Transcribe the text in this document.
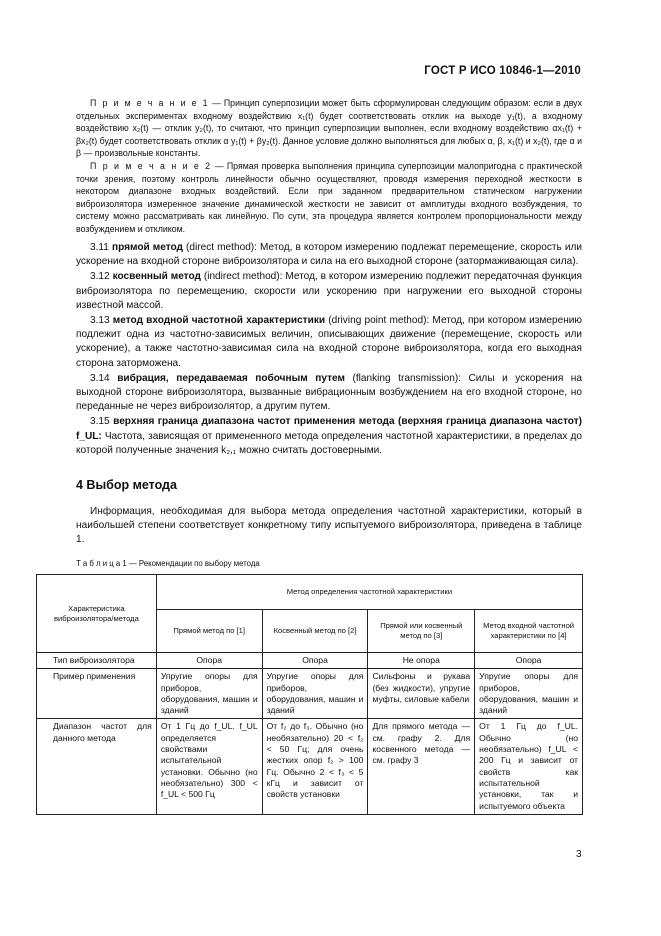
ГОСТ Р ИСО 10846-1—2010

П р и м е ч а н и е 1 — Принцип суперпозиции может быть сформулирован следующим образом: если в двух отдельных экспериментах входному воздействию x₁(t) будет соответствовать отклик на выходе y₁(t), а входному воздействию x₂(t) — отклик y₂(t), то считают, что принцип суперпозиции выполнен, если входному воздействию αx₁(t) + βx₂(t) будет соответствовать отклик α y₁(t) + βy₂(t). Данное условие должно выполняться для любых α, β, x₁(t) и x₂(t), где α и β — произвольные константы.

П р и м е ч а н и е 2 — Прямая проверка выполнения принципа суперпозиции малопригодна с практической точки зрения, поэтому контроль линейности обычно осуществляют, проводя измерения переходной жесткости в некотором диапазоне входных воздействий. Если при заданном предварительном статическом нагружении виброизолятора измеренное значение динамической жесткости не зависит от амплитуды входного возбуждения, то систему можно рассматривать как линейную. По сути, эта процедура является контролем пропорциональности между возбуждением и откликом.

3.11 прямой метод (direct method): Метод, в котором измерению подлежат перемещение, скорость или ускорение на входной стороне виброизолятора и сила на его выходной стороне (затормаживающая сила).

3.12 косвенный метод (indirect method): Метод, в котором измерению подлежит передаточная функция виброизолятора по перемещению, скорости или ускорению при нагружении его выходной стороны известной массой.

3.13 метод входной частотной характеристики (driving point method): Метод, при котором измерению подлежит одна из частотно-зависимых величин, описывающих движение (перемещение, скорость или ускорение), а также частотно-зависимая сила на входной стороне виброизолятора, когда его выходная сторона заторможена.

3.14 вибрация, передаваемая побочным путем (flanking transmission): Силы и ускорения на выходной стороне виброизолятора, вызванные вибрационным возбуждением на его входной стороне, но переданные не через виброизолятор, а другим путем.

3.15 верхняя граница диапазона частот применения метода (верхняя граница диапазона частот) f_UL: Частота, зависящая от примененного метода определения частотной характеристики, в пределах до которой полученные значения k₂,₁ можно считать достоверными.

4 Выбор метода

Информация, необходимая для выбора метода определения частотной характеристики, который в наибольшей степени соответствует конкретному типу испытуемого виброизолятора, приведена в таблице 1.

Т а б л и ц а 1 — Рекомендации по выбору метода
Характеристика виброизолятора/метода	Метод определения частотной характеристики			
	Прямой метод по [1]	Косвенный метод по [2]	Прямой или косвенный метод по [3]	Метод входной частотной характеристики по [4]
Тип виброизолятора	Опора	Опора	Не опора	Опора
Пример применения	Упругие опоры для приборов, оборудования, машин и зданий	Упругие опоры для приборов, оборудования, машин и зданий	Сильфоны и рукава (без жидкости), упругие муфты, силовые кабели	Упругие опоры для приборов, оборудования, машин и зданий
Диапазон частот для данного метода	От 1 Гц до f_UL. f_UL определяется свойствами испытательной установки. Обычно (но необязательно) 300 < f_UL < 500 Гц	От f₂ до f₃. Обычно (но необязательно) 20 < f₂ < 50 Гц; для очень жестких опор f₂ > 100 Гц. Обычно 2 < f₃ < 5 кГц и зависит от свойств установки	Для прямого метода — см. графу 2. Для косвенного метода — см. графу 3	От 1 Гц до f_UL. Обычно (но необязательно) f_UL < 200 Гц и зависит от свойств как испытательной установки, так и испытуемого объекта
3
